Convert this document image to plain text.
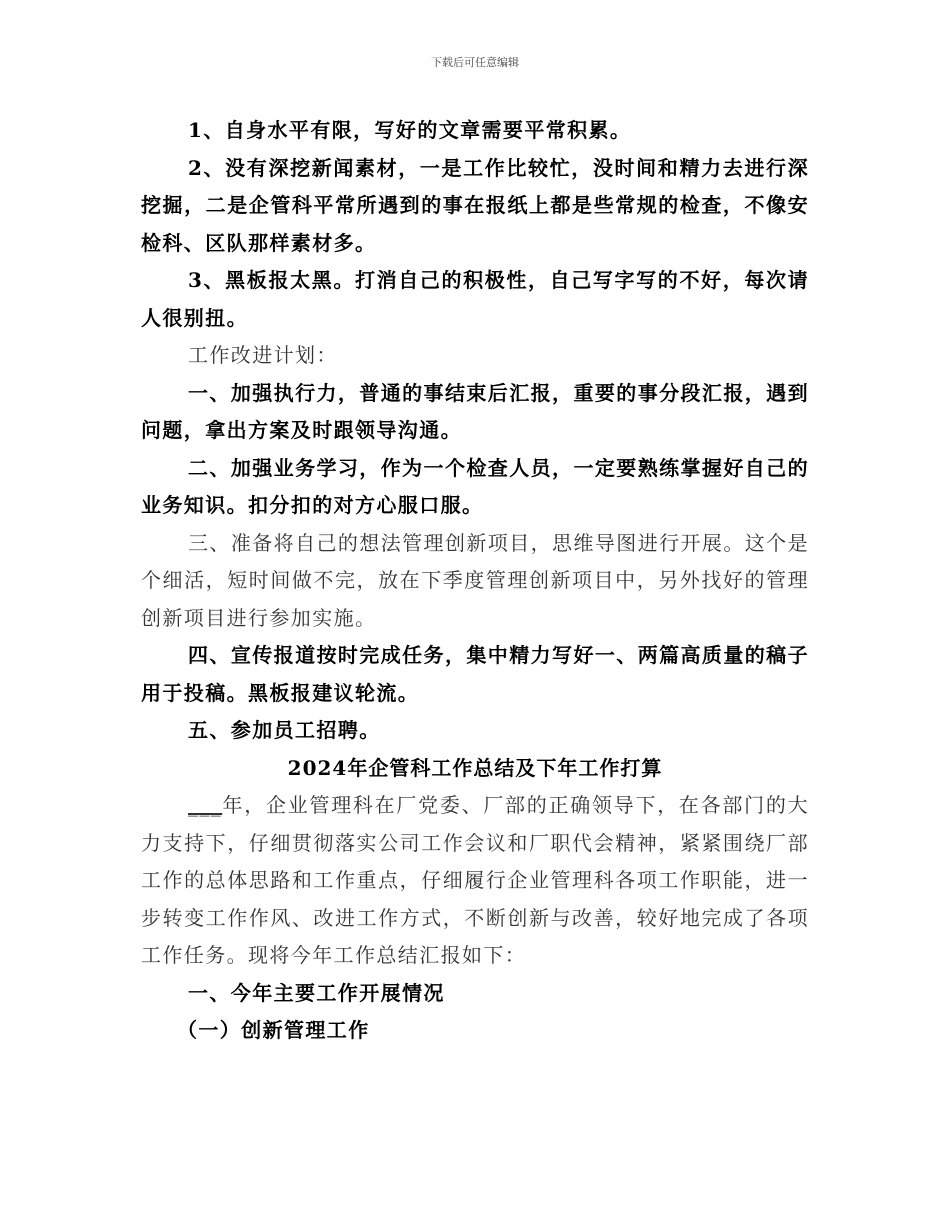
下载后可任意编辑

1、自身水平有限，写好的文章需要平常积累。

2、没有深挖新闻素材，一是工作比较忙，没时间和精力去进行深挖掘，二是企管科平常所遇到的事在报纸上都是些常规的检查，不像安检科、区队那样素材多。

3、黑板报太黑。打消自己的积极性，自己写字写的不好，每次请人很别扭。

工作改进计划：

一、加强执行力，普通的事结束后汇报，重要的事分段汇报，遇到问题，拿出方案及时跟领导沟通。

二、加强业务学习，作为一个检查人员，一定要熟练掌握好自己的业务知识。扣分扣的对方心服口服。

三、准备将自己的想法管理创新项目，思维导图进行开展。这个是个细活，短时间做不完，放在下季度管理创新项目中，另外找好的管理创新项目进行参加实施。

四、宣传报道按时完成任务，集中精力写好一、两篇高质量的稿子用于投稿。黑板报建议轮流。

五、参加员工招聘。

2024年企管科工作总结及下年工作打算

___年，企业管理科在厂党委、厂部的正确领导下，在各部门的大力支持下，仔细贯彻落实公司工作会议和厂职代会精神，紧紧围绕厂部工作的总体思路和工作重点，仔细履行企业管理科各项工作职能，进一步转变工作作风、改进工作方式，不断创新与改善，较好地完成了各项工作任务。现将今年工作总结汇报如下：

一、今年主要工作开展情况

（一）创新管理工作
